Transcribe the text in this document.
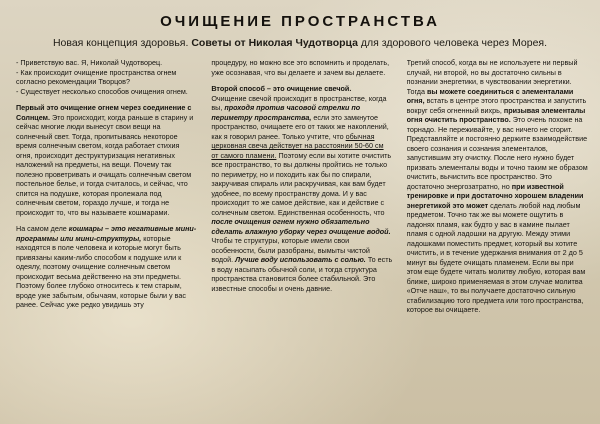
ОЧИЩЕНИЕ ПРОСТРАНСТВА

Новая концепция здоровья. Советы от Николая Чудотворца для здорового человека через Морея.

- Приветствую вас. Я, Николай Чудотворец.
- Как происходит очищение пространства огнем согласно рекомендации Творцов?
- Существует несколько способов очищения огнем.

Первый это очищение огнем через соединение с Солнцем. Это происходит, когда раньше в старину и сейчас многие люди вынесут свои вещи на солнечный свет. Тогда, пропитываясь некоторое время солнечным светом, когда работает стихия огня, происходит деструктуризация негативных наложений на предметы, на вещи. Почему так полезно проветривать и очищать солнечным светом постельное белье, и тогда считалось, и сейчас, что спится на подушке, которая пролежала под солнечным светом, гораздо лучше, и тогда не происходит то, что вы называете кошмарами.

На самом деле кошмары – это негативные мини-программы или мини-структуры, которые находятся в поле человека и которые могут быть привязаны каким-либо способом к подушке или к одеялу, поэтому очищение солнечным светом происходит весьма действенно на эти предметы. Поэтому более глубоко относитесь к тем старым, вроде уже забытым, обычаям, которые были у вас ранее. Сейчас уже редко увидишь эту

процедуру, но можно все это вспомнить и проделать, уже осознавая, что вы делаете и зачем вы делаете.

Второй способ – это очищение свечой.
Очищение свечой происходит в пространстве, когда вы, проходя против часовой стрелки по периметру пространства, если это замкнутое пространство, очищаете его от таких же накоплений, как я говорил ранее. Только учтите, что обычная церковная свеча действует на расстоянии 50-60 см от самого пламени. Поэтому если вы хотите очистить все пространство, то вы должны пройтись не только по периметру, но и походить как бы по спирали, закручивая спираль или раскручивая, как вам будет удобнее, по всему пространству дома. И у вас происходит то же самое действие, как и действие с солнечным светом. Единственная особенность, что после очищения огнем нужно обязательно сделать влажную уборку через очищение водой. Чтобы те структуры, которые имели свои особенности, были разобраны, вымыты чистой водой. Лучше воду использовать с солью. То есть в воду насыпать обычной соли, и тогда структура пространства становится более стабильной. Это известные способы и очень давние.

Третий способ, когда вы не используете ни первый случай, ни второй, но вы достаточно сильны в познании энергетики, в чувствовании энергетики. Тогда вы можете соединиться с элементалами огня, встать в центре этого пространства и запустить вокруг себя огненный вихрь, призывая элементалы огня очистить пространство. Это очень похоже на торнадо. Не переживайте, у вас ничего не сгорит. Представляйте и постоянно держите взаимодействие своего сознания и сознания элементалов, запустившим эту очистку. После него нужно будет призвать элементалы воды и точно таким же образом очистить, вычистить все пространство. Это достаточно энергозатратно, но при известной тренировке и при достаточно хорошем владении энергетикой это может сделать любой над любым предметом. Точно так же вы можете ощутить в ладонях пламя, как будто у вас в камине пылает пламя с одной ладошки на другую. Между этими ладошками поместить предмет, который вы хотите очистить, и в течение удержания внимания от 2 до 5 минут вы будете очищать пламенем. Если вы при этом еще будете читать молитву любую, которая вам ближе, широко применяемая в этом случае молитва «Отче наш», то вы получаете достаточно сильную стабилизацию того предмета или того пространства, которое вы очищаете.
